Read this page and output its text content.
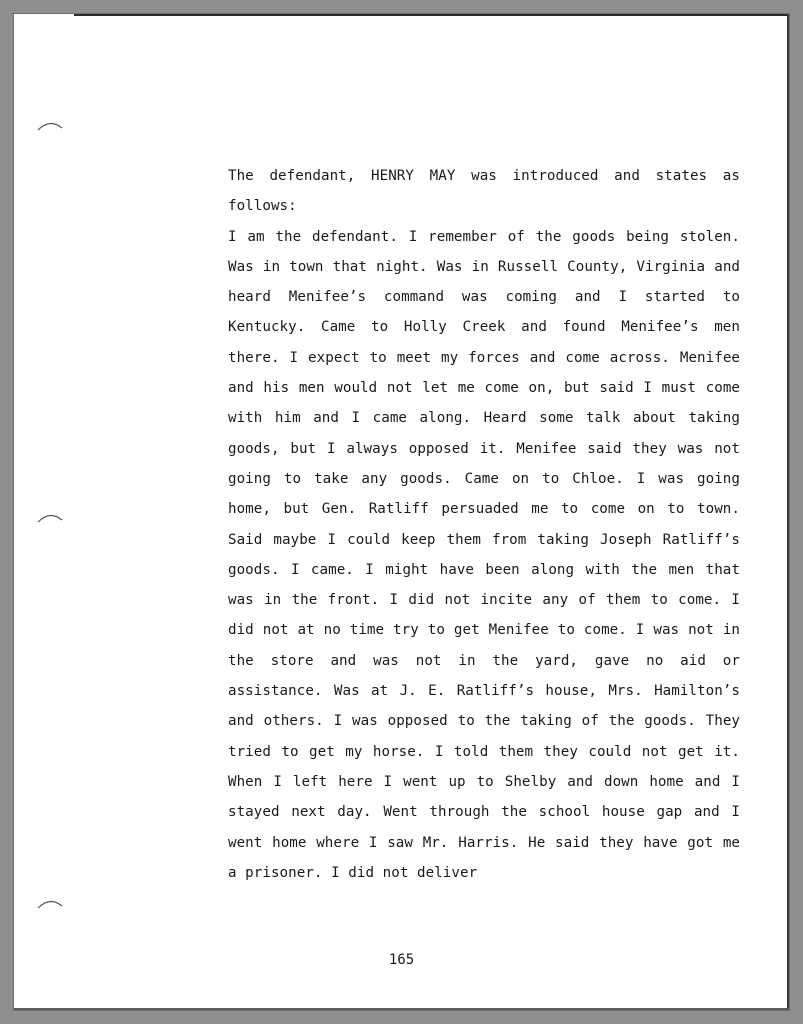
The defendant, HENRY MAY was introduced and states as follows:

I am the defendant. I remember of the goods being stolen. Was in town that night. Was in Russell County, Virginia and heard Menifee’s command was coming and I started to Kentucky. Came to Holly Creek and found Menifee’s men there. I expect to meet my forces and come across. Menifee and his men would not let me come on, but said I must come with him and I came along. Heard some talk about taking goods, but I always opposed it. Menifee said they was not going to take any goods. Came on to Chloe. I was going home, but Gen. Ratliff persuaded me to come on to town. Said maybe I could keep them from taking Joseph Ratliff’s goods. I came. I might have been along with the men that was in the front. I did not incite any of them to come. I did not at no time try to get Menifee to come. I was not in the store and was not in the yard, gave no aid or assistance. Was at J. E. Ratliff’s house, Mrs. Hamilton’s and others. I was opposed to the taking of the goods. They tried to get my horse. I told them they could not get it. When I left here I went up to Shelby and down home and I stayed next day. Went through the school house gap and I went home where I saw Mr. Harris. He said they have got me a prisoner. I did not deliver

165
